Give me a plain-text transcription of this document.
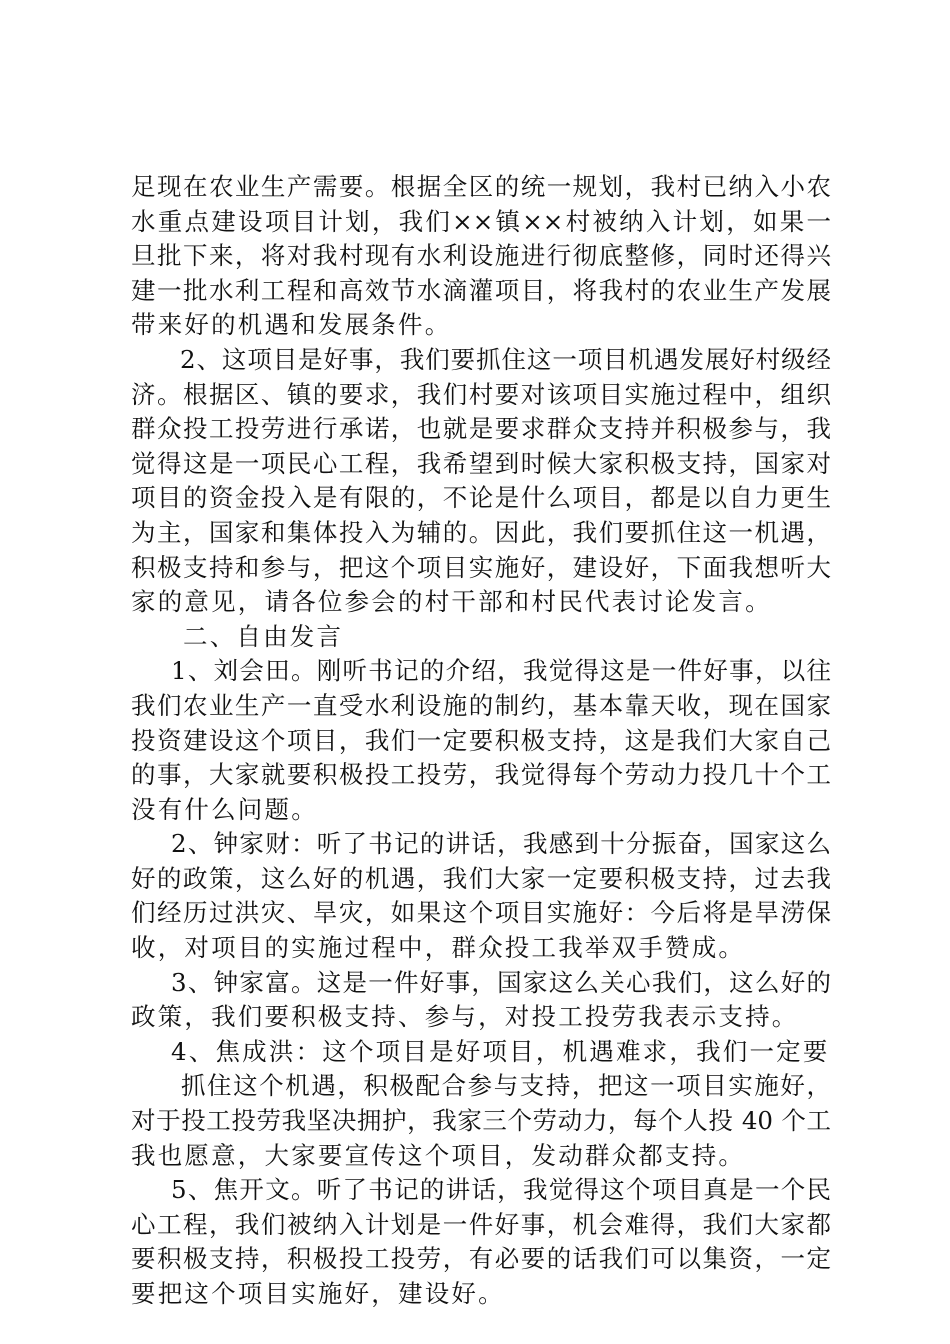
足现在农业生产需要。根据全区的统一规划，我村已纳入小农
水重点建设项目计划，我们××镇××村被纳入计划，如果一
旦批下来，将对我村现有水利设施进行彻底整修，同时还得兴
建一批水利工程和高效节水滴灌项目，将我村的农业生产发展
带来好的机遇和发展条件。
2、这项目是好事，我们要抓住这一项目机遇发展好村级经
济。根据区、镇的要求，我们村要对该项目实施过程中，组织
群众投工投劳进行承诺，也就是要求群众支持并积极参与，我
觉得这是一项民心工程，我希望到时候大家积极支持，国家对
项目的资金投入是有限的，不论是什么项目，都是以自力更生
为主，国家和集体投入为辅的。因此，我们要抓住这一机遇，
积极支持和参与，把这个项目实施好，建设好，下面我想听大
家的意见，请各位参会的村干部和村民代表讨论发言。
二、自由发言
1、刘会田。刚听书记的介绍，我觉得这是一件好事，以往
我们农业生产一直受水利设施的制约，基本靠天收，现在国家
投资建设这个项目，我们一定要积极支持，这是我们大家自己
的事，大家就要积极投工投劳，我觉得每个劳动力投几十个工
没有什么问题。
2、钟家财：听了书记的讲话，我感到十分振奋，国家这么
好的政策，这么好的机遇，我们大家一定要积极支持，过去我
们经历过洪灾、旱灾，如果这个项目实施好：今后将是旱涝保
收，对项目的实施过程中，群众投工我举双手赞成。
3、钟家富。这是一件好事，国家这么关心我们，这么好的
政策，我们要积极支持、参与，对投工投劳我表示支持。
4、焦成洪：这个项目是好项目，机遇难求，我们一定要
抓住这个机遇，积极配合参与支持，把这一项目实施好，
对于投工投劳我坚决拥护，我家三个劳动力，每个人投 40 个工
我也愿意，大家要宣传这个项目，发动群众都支持。
5、焦开文。听了书记的讲话，我觉得这个项目真是一个民
心工程，我们被纳入计划是一件好事，机会难得，我们大家都
要积极支持，积极投工投劳，有必要的话我们可以集资，一定
要把这个项目实施好，建设好。
